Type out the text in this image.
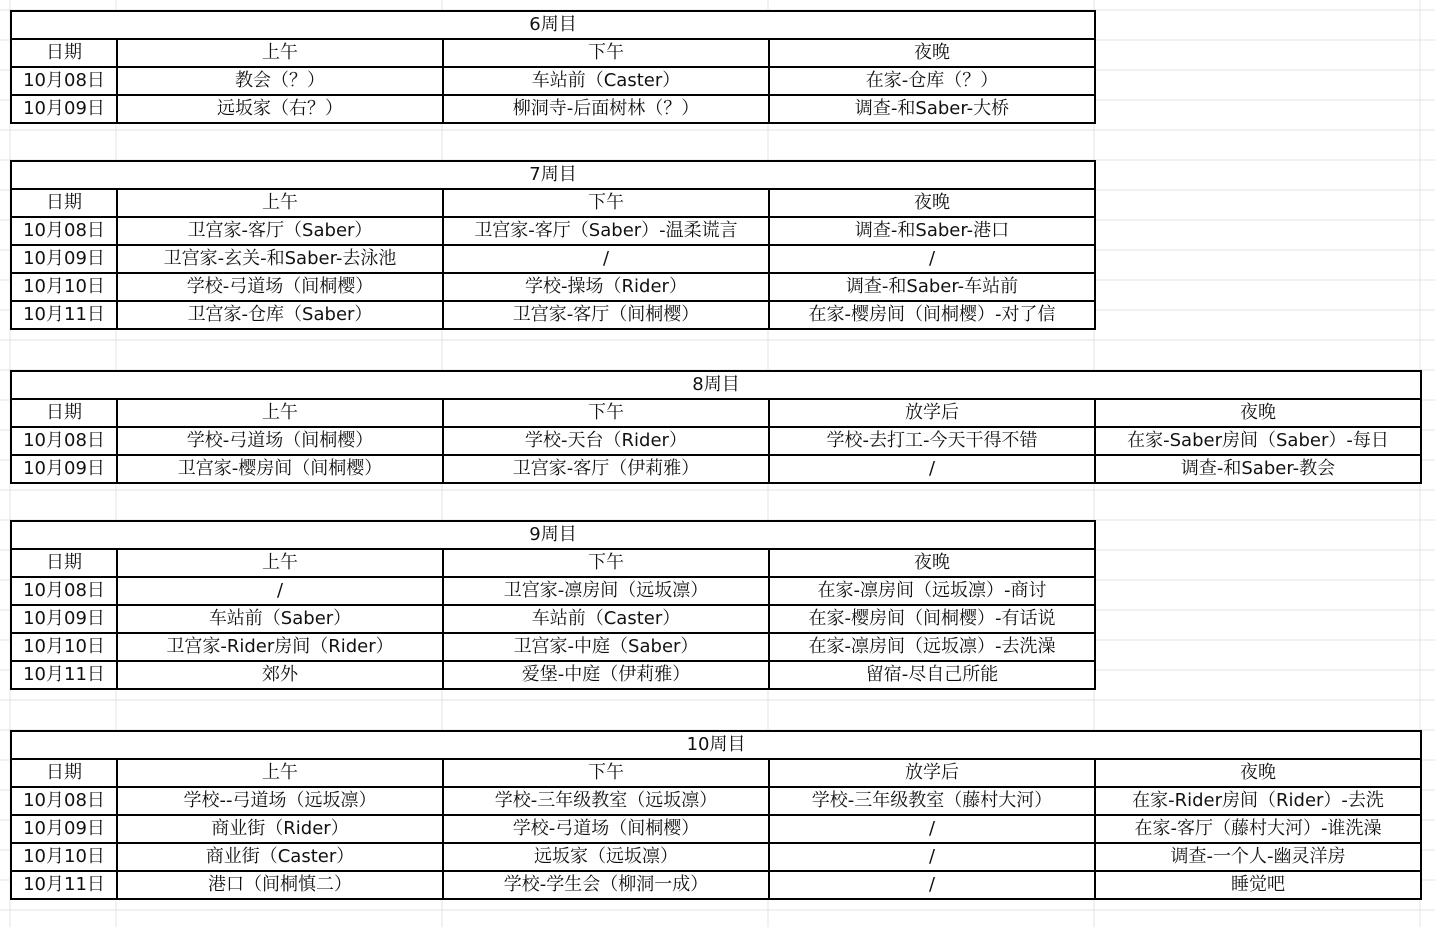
6周目			
日期	上午	下午	夜晚
10月08日	教会（？）	车站前（Caster）	在家-仓库（？）
10月09日	远坂家（右？）	柳洞寺-后面树林（？）	调查-和Saber-大桥
7周目			
日期	上午	下午	夜晚
10月08日	卫宫家-客厅（Saber）	卫宫家-客厅（Saber）-温柔谎言	调查-和Saber-港口
10月09日	卫宫家-玄关-和Saber-去泳池	/	/
10月10日	学校-弓道场（间桐樱）	学校-操场（Rider）	调查-和Saber-车站前
10月11日	卫宫家-仓库（Saber）	卫宫家-客厅（间桐樱）	在家-樱房间（间桐樱）-对了信
8周目				
日期	上午	下午	放学后	夜晚
10月08日	学校-弓道场（间桐樱）	学校-天台（Rider）	学校-去打工-今天干得不错	在家-Saber房间（Saber）-每日
10月09日	卫宫家-樱房间（间桐樱）	卫宫家-客厅（伊莉雅）	/	调查-和Saber-教会
9周目			
日期	上午	下午	夜晚
10月08日	/	卫宫家-凛房间（远坂凛）	在家-凛房间（远坂凛）-商讨
10月09日	车站前（Saber）	车站前（Caster）	在家-樱房间（间桐樱）-有话说
10月10日	卫宫家-Rider房间（Rider）	卫宫家-中庭（Saber）	在家-凛房间（远坂凛）-去洗澡
10月11日	郊外	爱堡-中庭（伊莉雅）	留宿-尽自己所能
10周目				
日期	上午	下午	放学后	夜晚
10月08日	学校--弓道场（远坂凛）	学校-三年级教室（远坂凛）	学校-三年级教室（藤村大河）	在家-Rider房间（Rider）-去洗
10月09日	商业街（Rider）	学校-弓道场（间桐樱）	/	在家-客厅（藤村大河）-谁洗澡
10月10日	商业街（Caster）	远坂家（远坂凛）	/	调查-一个人-幽灵洋房
10月11日	港口（间桐慎二）	学校-学生会（柳洞一成）	/	睡觉吧
